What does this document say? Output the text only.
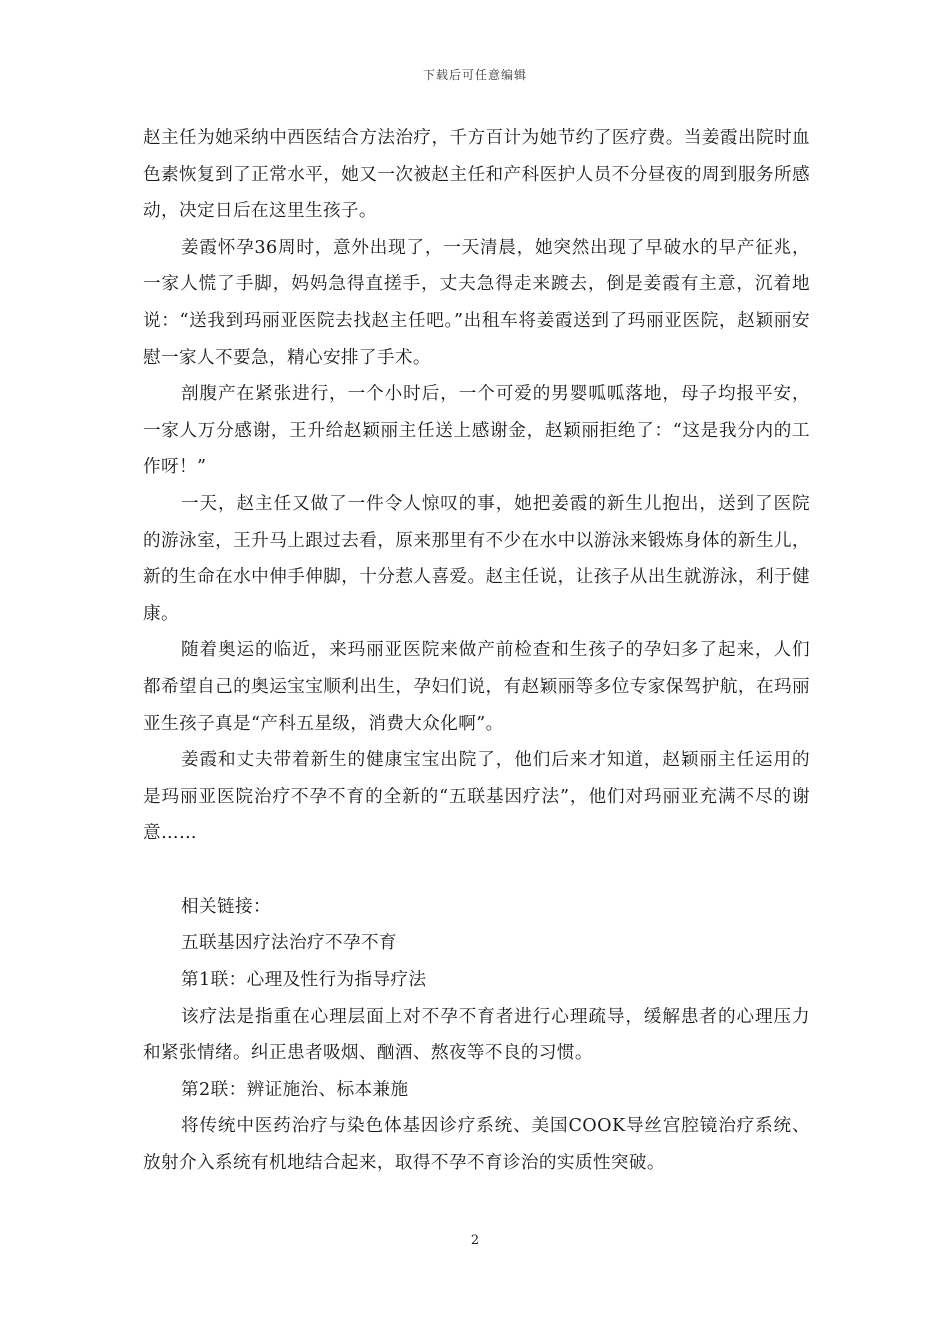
下载后可任意编辑

赵主任为她采纳中西医结合方法治疗，千方百计为她节约了医疗费。当姜霞出院时血色素恢复到了正常水平，她又一次被赵主任和产科医护人员不分昼夜的周到服务所感动，决定日后在这里生孩子。

姜霞怀孕36周时，意外出现了，一天清晨，她突然出现了早破水的早产征兆，一家人慌了手脚，妈妈急得直搓手，丈夫急得走来踱去，倒是姜霞有主意，沉着地说：“送我到玛丽亚医院去找赵主任吧。”出租车将姜霞送到了玛丽亚医院，赵颖丽安慰一家人不要急，精心安排了手术。

剖腹产在紧张进行，一个小时后，一个可爱的男婴呱呱落地，母子均报平安，一家人万分感谢，王升给赵颖丽主任送上感谢金，赵颖丽拒绝了：“这是我分内的工作呀！”

一天，赵主任又做了一件令人惊叹的事，她把姜霞的新生儿抱出，送到了医院的游泳室，王升马上跟过去看，原来那里有不少在水中以游泳来锻炼身体的新生儿，新的生命在水中伸手伸脚，十分惹人喜爱。赵主任说，让孩子从出生就游泳，利于健康。

随着奥运的临近，来玛丽亚医院来做产前检查和生孩子的孕妇多了起来，人们都希望自己的奥运宝宝顺利出生，孕妇们说，有赵颖丽等多位专家保驾护航，在玛丽亚生孩子真是“产科五星级，消费大众化啊”。

姜霞和丈夫带着新生的健康宝宝出院了，他们后来才知道，赵颖丽主任运用的是玛丽亚医院治疗不孕不育的全新的“五联基因疗法”，他们对玛丽亚充满不尽的谢意……

相关链接：

五联基因疗法治疗不孕不育

第1联：心理及性行为指导疗法

该疗法是指重在心理层面上对不孕不育者进行心理疏导，缓解患者的心理压力和紧张情绪。纠正患者吸烟、酗酒、熬夜等不良的习惯。

第2联：辨证施治、标本兼施

将传统中医药治疗与染色体基因诊疗系统、美国COOK导丝宫腔镜治疗系统、放射介入系统有机地结合起来，取得不孕不育诊治的实质性突破。

2
